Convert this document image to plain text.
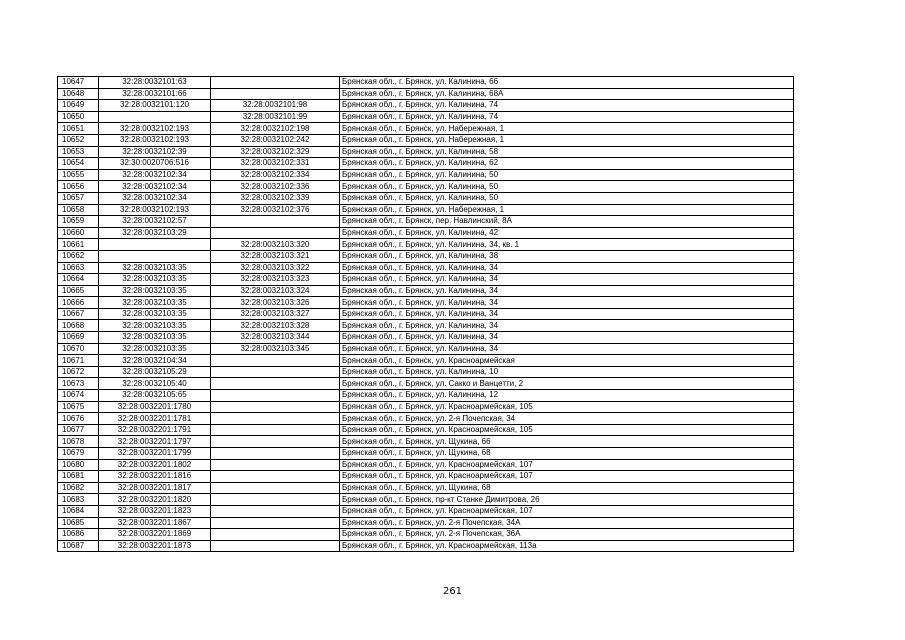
10647	32:28:0032101:63		Брянская обл., г. Брянск, ул. Калинина, 66
10648	32:28:0032101:66		Брянская обл., г. Брянск, ул. Калинина, 68А
10649	32:28:0032101:120	32:28:0032101:98	Брянская обл., г. Брянск, ул. Калинина, 74
10650		32:28:0032101:99	Брянская обл., г. Брянск, ул. Калинина, 74
10651	32:28:0032102:193	32:28:0032102:198	Брянская обл., г. Брянск, ул. Набережная, 1
10652	32:28:0032102:193	32:28:0032102:242	Брянская обл., г. Брянск, ул. Набережная, 1
10653	32:28:0032102:39	32:28:0032102:329	Брянская обл., г. Брянск, ул. Калинина, 58
10654	32:30:0020706:516	32:28:0032102:331	Брянская обл., г. Брянск, ул. Калинина, 62
10655	32:28:0032102:34	32:28:0032102:334	Брянская обл., г. Брянск, ул. Калинина, 50
10656	32:28:0032102:34	32:28:0032102:336	Брянская обл., г. Брянск, ул. Калинина, 50
10657	32:28:0032102:34	32:28:0032102:339	Брянская обл., г. Брянск, ул. Калинина, 50
10658	32:28:0032102:193	32:28:0032102:376	Брянская обл., г. Брянск, ул. Набережная, 1
10659	32:28:0032102:57		Брянская обл., г. Брянск, пер. Навлинский, 8А
10660	32:28:0032103:29		Брянская обл., г. Брянск, ул. Калинина, 42
10661		32:28:0032103:320	Брянская обл., г. Брянск, ул. Калинина, 34, кв. 1
10662		32:28:0032103:321	Брянская обл., г. Брянск, ул. Калинина, 38
10663	32:28:0032103:35	32:28:0032103:322	Брянская обл., г. Брянск, ул. Калинина, 34
10664	32:28:0032103:35	32:28:0032103:323	Брянская обл., г. Брянск, ул. Калинина, 34
10665	32:28:0032103:35	32:28:0032103:324	Брянская обл., г. Брянск, ул. Калинина, 34
10666	32:28:0032103:35	32:28:0032103:326	Брянская обл., г. Брянск, ул. Калинина, 34
10667	32:28:0032103:35	32:28:0032103:327	Брянская обл., г. Брянск, ул. Калинина, 34
10668	32:28:0032103:35	32:28:0032103:328	Брянская обл., г. Брянск, ул. Калинина, 34
10669	32:28:0032103:35	32:28:0032103:344	Брянская обл., г. Брянск, ул. Калинина, 34
10670	32:28:0032103:35	32:28:0032103:345	Брянская обл., г. Брянск, ул. Калинина, 34
10671	32:28:0032104:34		Брянская обл., г. Брянск, ул. Красноармейская
10672	32:28:0032105:29		Брянская обл., г. Брянск, ул. Калинина, 10
10673	32:28:0032105:40		Брянская обл., г. Брянск, ул. Сакко и Ванцетти, 2
10674	32:28:0032105:65		Брянская обл., г. Брянск, ул. Калинина, 12
10675	32:28:0032201:1780		Брянская обл., г. Брянск, ул. Красноармейская, 105
10676	32:28:0032201:1781		Брянская обл., г. Брянск, ул. 2-я Почепская, 34
10677	32:28:0032201:1791		Брянская обл., г. Брянск, ул. Красноармейская, 105
10678	32:28:0032201:1797		Брянская обл., г. Брянск, ул. Щукина, 66
10679	32:28:0032201:1799		Брянская обл., г. Брянск, ул. Щукина, 68
10680	32:28:0032201:1802		Брянская обл., г. Брянск, ул. Красноармейская, 107
10681	32:28:0032201:1816		Брянская обл., г. Брянск, ул. Красноармейская, 107
10682	32:28:0032201:1817		Брянская обл., г. Брянск, ул. Щукина, 68
10683	32:28:0032201:1820		Брянская обл., г. Брянск, пр-кт Станке Димитрова, 26
10684	32:28:0032201:1823		Брянская обл., г. Брянск, ул. Красноармейская, 107
10685	32:28:0032201:1867		Брянская обл., г. Брянск, ул. 2-я Почепская, 34А
10686	32:28:0032201:1869		Брянская обл., г. Брянск, ул. 2-я Почепская, 36А
10687	32:28:0032201:1873		Брянская обл., г. Брянск, ул. Красноармейская, 113а
261
